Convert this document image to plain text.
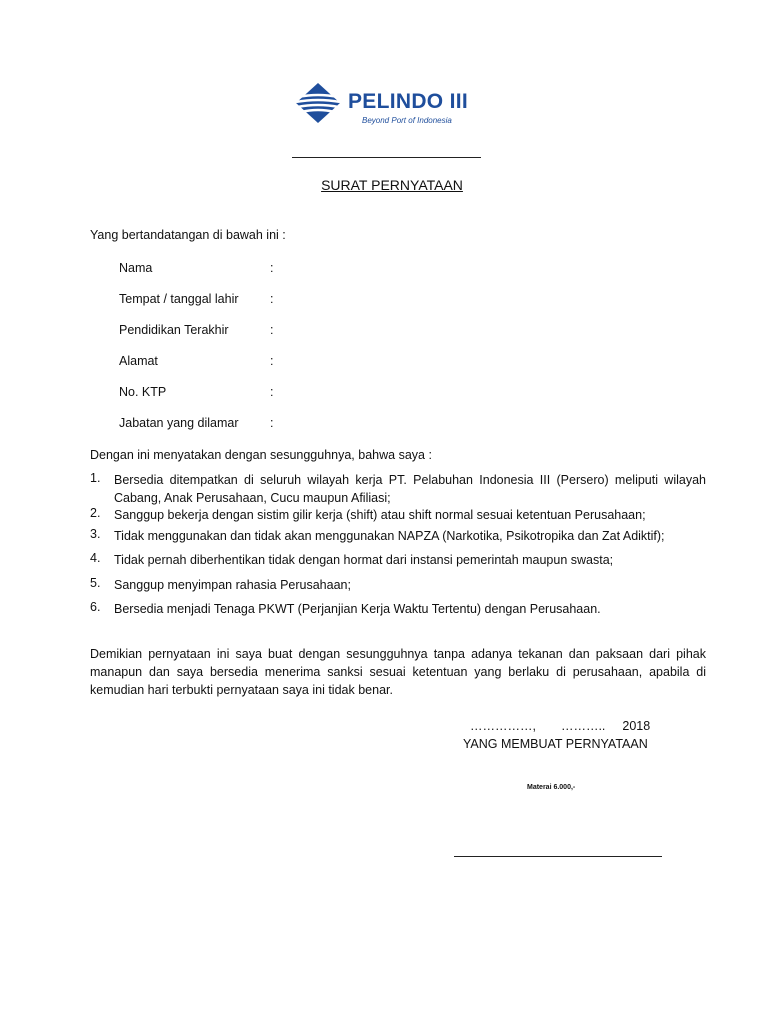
PELINDO III
Beyond Port of Indonesia
SURAT PERNYATAAN
Yang bertandatangan di bawah ini :
Nama	:
Tempat / tanggal lahir	:
Pendidikan Terakhir	:
Alamat	:
No. KTP	:
Jabatan yang dilamar	:
Dengan ini menyatakan dengan sesungguhnya, bahwa saya :
1. Bersedia ditempatkan di seluruh wilayah kerja PT. Pelabuhan Indonesia III (Persero) meliputi wilayah Cabang, Anak Perusahaan, Cucu maupun Afiliasi;
2. Sanggup bekerja dengan sistim gilir kerja (shift) atau shift normal sesuai ketentuan Perusahaan;
3. Tidak menggunakan dan tidak akan menggunakan NAPZA (Narkotika, Psikotropika dan Zat Adiktif);
4. Tidak pernah diberhentikan tidak dengan hormat dari instansi pemerintah maupun swasta;
5. Sanggup menyimpan rahasia Perusahaan;
6. Bersedia menjadi Tenaga PKWT (Perjanjian Kerja Waktu Tertentu) dengan Perusahaan.
Demikian pernyataan ini saya buat dengan sesungguhnya tanpa adanya tekanan dan paksaan dari pihak manapun dan saya bersedia menerima sanksi sesuai ketentuan yang berlaku di perusahaan, apabila di kemudian hari terbukti pernyataan saya ini tidak benar.
……………, ……….. 2018
YANG MEMBUAT PERNYATAAN
Materai 6.000,-
